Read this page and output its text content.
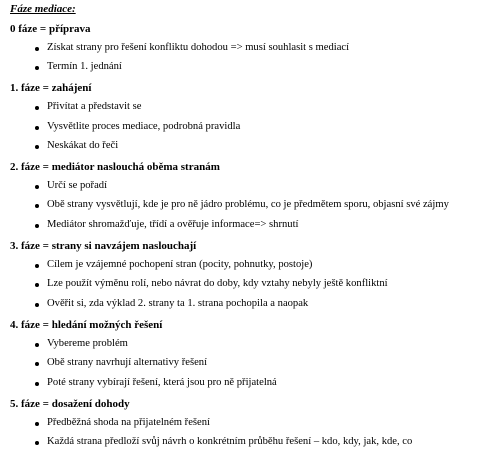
Fáze mediace:
0 fáze = příprava
Získat strany pro řešení konfliktu dohodou => musí souhlasit s mediací
Termín 1. jednání
1. fáze = zahájení
Přivítat a představit se
Vysvětlite proces mediace, podrobná pravidla
Neskákat do řeči
2. fáze = mediátor naslouchá oběma stranám
Určí se pořadí
Obě strany vysvětlují, kde je pro ně jádro problému, co je předmětem sporu, objasní své zájmy
Mediátor shromažďuje, třídí a ověřuje informace=> shrnutí
3. fáze = strany si navzájem naslouchají
Cílem je vzájemné pochopení stran (pocity, pohnutky, postoje)
Lze použít výměnu rolí, nebo návrat do doby, kdy vztahy nebyly ještě konfliktní
Ověřit si, zda výklad 2. strany ta 1. strana pochopila a naopak
4. fáze = hledání možných řešení
Vybereme problém
Obě strany navrhují alternativy řešení
Poté strany vybírají řešení, která jsou pro ně přijatelná
5. fáze = dosažení dohody
Předběžná shoda na přijatelném řešení
Každá strana předloží svůj návrh o konkrétním průběhu řešení – kdo, kdy, jak, kde, co
